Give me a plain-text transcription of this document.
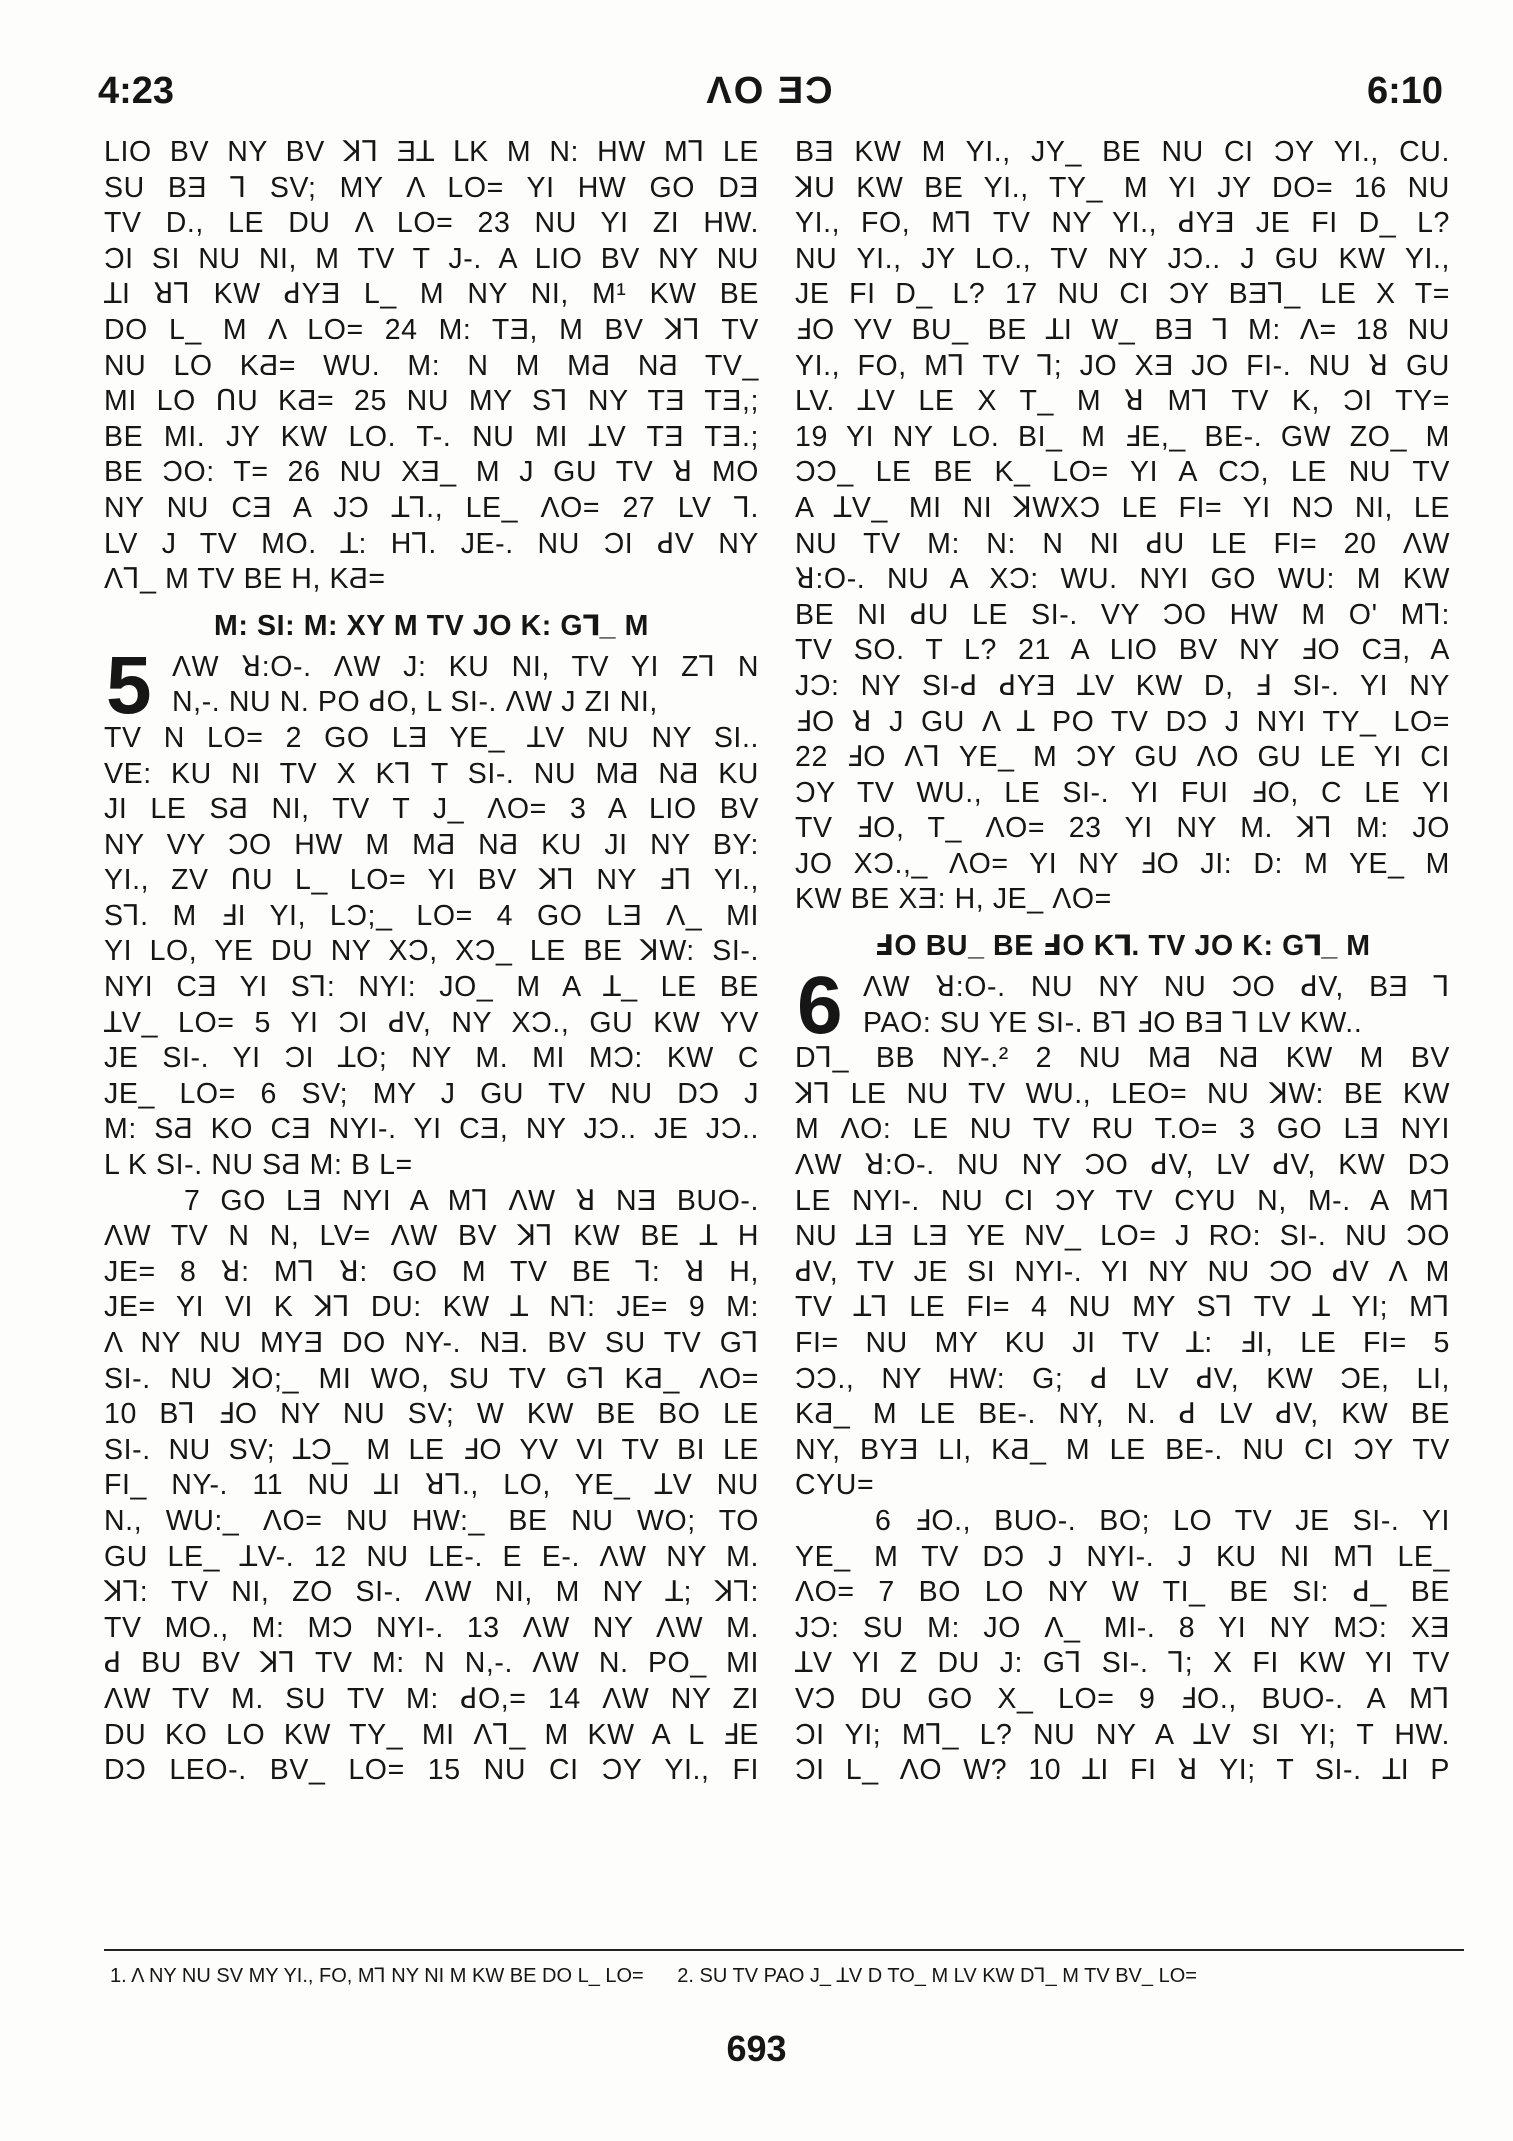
4:23	ΛO ƎƆ	6:10
LIO BV NY BV ꓘꓶ Ǝꓕ ꓡK M N: HW Mꓶ LE
SU BƎ ꓶ SV; MY Λ LO= YI HW GO DƎ
TV D., LE DU Λ LO= 23 NU YI ZI HW.
ƆI SI NU NI, M TV T J-. A LIO BV NY NU
ꓕI ꓤꓶ KW ꓒYƎ L_ M NY NI, M¹ KW BE
DO L_ M Λ LO= 24 M: TƎ, M BV ꓘꓶ TV
NU LO KƋ= WU. M: N M MƋ NƋ TV_
MI LO ꓵU KƋ= 25 NU MY Sꓶ NY TƎ TƎ,;
BE MI. JY KW LO. T-. NU MI ꓕV TƎ TƎ.;
BE ƆO: T= 26 NU XƎ_ M J GU TV ꓤ MO
NY NU CƎ A JƆ ꓕꓶ., LE_ ΛO= 27 LV ꓶ.
LV J TV MO. ꓕ: Hꓶ. JE-. NU ƆI ꓒV NY
Λꓶ_ M TV BE H, KƋ=
M: SI: M: XY M TV JO K: Gꓶ_ M
5 ΛW ꓤ:O-. ΛW J: KU NI, TV YI Zꓶ N
N,-. NU N. PO ꓒO, L SI-. ΛW J ZI NI,
TV N LO= 2 GO LƎ YE_ ꓕV NU NY SI..
VE: KU NI TV X Kꓶ T SI-. NU MƋ NƋ KU
JI LE SƋ NI, TV T J_ ΛO= 3 A LIO BV
NY VY ƆO HW M MƋ NƋ KU JI NY BY:
YI., ZV ꓵU L_ LO= YI BV ꓘꓶ NY ꓞꓶ YI.,
Sꓶ. M ꓞI YI, LƆ;_ LO= 4 GO LƎ Λ_ MI
YI LO, YE DU NY XƆ, XƆ_ LE BE ꓘW: SI-.
NYI CƎ YI Sꓶ: NYI: JO_ M A ꓕ_ LE BE
ꓕV_ LO= 5 YI ƆI ꓒV, NY XƆ., GU KW YV
JE SI-. YI ƆI ꓕO; NY M. MI MƆ: KW C
JE_ LO= 6 SV; MY J GU TV NU DƆ J
M: SƋ KO CƎ NYI-. YI CƎ, NY JƆ.. JE JƆ..
L K SI-. NU SƋ M: B L=
7 GO LƎ NYI A Mꓶ ΛW ꓤ NƎ BUO-.
ΛW TV N N, LV= ΛW BV ꓘꓶ KW BE ꓕ H
JE= 8 ꓤ: Mꓶ ꓤ: GO M TV BE ꓶ: ꓤ H,
JE= YI VI K ꓘꓶ DU: KW ꓕ Nꓶ: JE= 9 M:
Λ NY NU MYƎ DO NY-. NƎ. BV SU TV Gꓶ
SI-. NU ꓘO;_ MI WO, SU TV Gꓶ KƋ_ ΛO=
10 Bꓶ ꓞO NY NU SV; W KW BE BO LE
SI-. NU SV; ꓕƆ_ M LE ꓞO YV VI TV BI LE
FI_ NY-. 11 NU ꓕI ꓤꓶ., LO, YE_ ꓕV NU
N., WU:_ ΛO= NU HW:_ BE NU WO; TO
GU LE_ ꓕV-. 12 NU LE-. E E-. ΛW NY M.
ꓘꓶ: TV NI, ZO SI-. ΛW NI, M NY ꓕ; ꓘꓶ:
TV MO., M: MƆ NYI-. 13 ΛW NY ΛW M.
ꓒ BU BV ꓘꓶ TV M: N N,-. ΛW N. PO_ MI
ΛW TV M. SU TV M: ꓒO,= 14 ΛW NY ZI
DU KO LO KW TY_ MI Λꓶ_ M KW A L ꓞE
DƆ LEO-. BV_ LO= 15 NU CI ƆY YI., FI
BƎ KW M YI., JY_ BE NU CI ƆY YI., CU.
ꓘU KW BE YI., TY_ M YI JY DO= 16 NU
YI., FO, Mꓶ TV NY YI., ꓒYƎ JE FI D_ L?
NU YI., JY LO., TV NY JƆ.. J GU KW YI.,
JE FI D_ L? 17 NU CI ƆY BƎꓶ_ LE X T=
ꓞO YV BU_ BE ꓕI W_ BƎ ꓶ M: Λ= 18 NU
YI., FO, Mꓶ TV ꓶ; JO XƎ JO FI-. NU ꓤ GU
LV. ꓕV LE X T_ M ꓤ Mꓶ TV K, ƆI TY=
19 YI NY LO. BI_ M ꓞE,_ BE-. GW ZO_ M
ƆƆ_ LE BE K_ LO= YI A CƆ, LE NU TV
A ꓕV_ MI NI ꓘWXƆ LE FI= YI NƆ NI, LE
NU TV M: N: N NI ꓒU LE FI= 20 ΛW
ꓤ:O-. NU A XƆ: WU. NYI GO WU: M KW
BE NI ꓒU LE SI-. VY ƆO HW M O' Mꓶ:
TV SO. T L? 21 A LIO BV NY ꓞO CƎ, A
JƆ: NY SI-ꓒ ꓒYƎ ꓕV KW D, ꓞ SI-. YI NY
ꓞO ꓤ J GU Λ ꓕ PO TV DƆ J NYI TY_ LO=
22 ꓞO Λꓶ YE_ M ƆY GU ΛO GU LE YI CI
ƆY TV WU., LE SI-. YI FUI ꓞO, C LE YI
TV ꓞO, T_ ΛO= 23 YI NY M. ꓘꓶ M: JO
JO XƆ.,_ ΛO= YI NY ꓞO JI: D: M YE_ M
KW BE XƎ: H, JE_ ΛO=
ꓞO BU_ BE ꓞO Kꓶ. TV JO K: Gꓶ_ M
6 ΛW ꓤ:O-. NU NY NU ƆO ꓒV, BƎ ꓶ
PAO: SU YE SI-. Bꓶ ꓞO BƎ ꓶ LV KW..
Dꓶ_ BB NY-.² 2 NU MƋ NƋ KW M BV
ꓘꓶ LE NU TV WU., LEO= NU ꓘW: BE KW
M ΛO: LE NU TV RU T.O= 3 GO LƎ NYI
ΛW ꓤ:O-. NU NY ƆO ꓒV, LV ꓒV, KW DƆ
LE NYI-. NU CI ƆY TV CYU N, M-. A Mꓶ
NU ꓕƎ LƎ YE NV_ LO= J RO: SI-. NU ƆO
ꓒV, TV JE SI NYI-. YI NY NU ƆO ꓒV Λ M
TV ꓕꓶ LE FI= 4 NU MY Sꓶ TV ꓕ YI; Mꓶ
FI= NU MY KU JI TV ꓕ: ꓞI, LE FI= 5
ƆƆ., NY HW: G; ꓒ LV ꓒV, KW ƆE, LI,
KƋ_ M LE BE-. NY, N. ꓒ LV ꓒV, KW BE
NY, BYƎ LI, KƋ_ M LE BE-. NU CI ƆY TV
CYU=
6 ꓞO., BUO-. BO; LO TV JE SI-. YI
YE_ M TV DƆ J NYI-. J KU NI Mꓶ LE_
ΛO= 7 BO LO NY W TI_ BE SI: ꓒ_ BE
JƆ: SU M: JO Λ_ MI-. 8 YI NY MƆ: XƎ
ꓕV YI Z DU J: Gꓶ SI-. ꓶ; X FI KW YI TV
VƆ DU GO X_ LO= 9 ꓞO., BUO-. A Mꓶ
ƆI YI; Mꓶ_ L? NU NY A ꓕV SI YI; T HW.
ƆI L_ ΛO W? 10 ꓕI FI ꓤ YI; T SI-. ꓕI P
1. Λ NY NU SV MY YI., FO, Mꓶ NY NI M KW BE DO L_ LO= 2. SU TV PAO J_ ꓕV D TO_ M LV KW Dꓶ_ M TV BV_ LO=
693
